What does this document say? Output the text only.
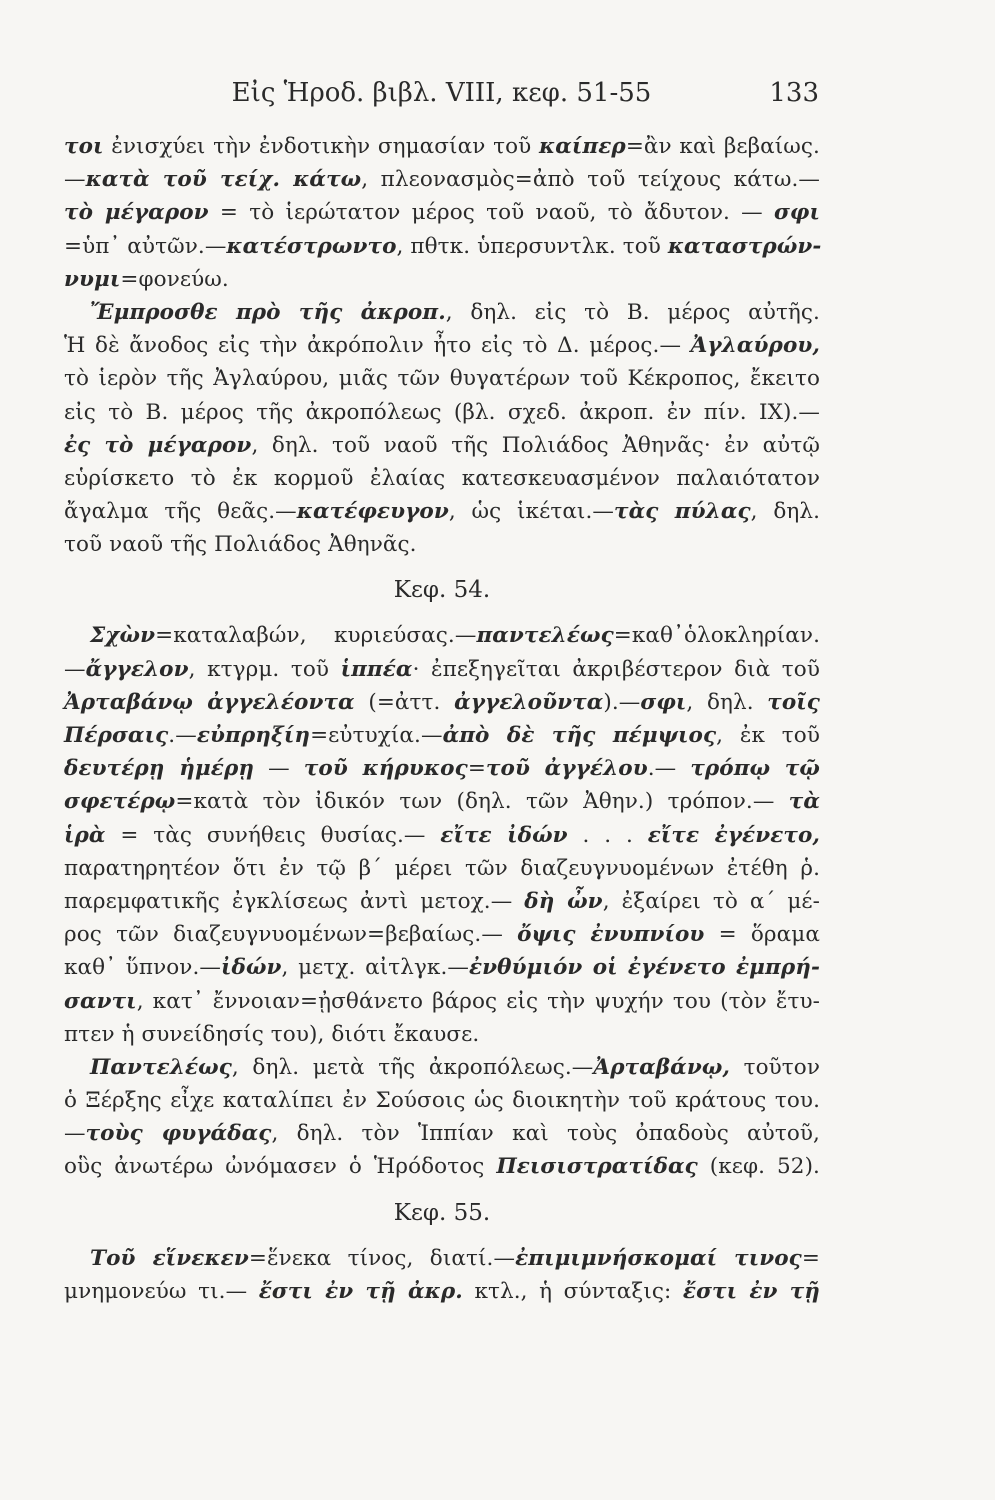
Εἰς Ἡροδ. βιβλ. VIII, κεφ. 51-55	133
τοι ἐνισχύει τὴν ἐνδοτικὴν σημασίαν τοῦ καίπερ=ἂν καὶ βεβαίως.
—κατὰ τοῦ τείχ. κάτω, πλεονασμὸς=ἀπὸ τοῦ τείχους κάτω.—
τὸ μέγαρον = τὸ ἱερώτατον μέρος τοῦ ναοῦ, τὸ ἄδυτον. — σφι
=ὑπ᾽ αὐτῶν.—κατέστρωντο, πθτκ. ὑπερσυντλκ. τοῦ καταστρών-
νυμι=φονεύω.
Ἔμπροσθε πρὸ τῆς ἀκροπ., δηλ. εἰς τὸ Β. μέρος αὐτῆς.
Ἡ δὲ ἄνοδος εἰς τὴν ἀκρόπολιν ἦτο εἰς τὸ Δ. μέρος.— Ἀγλαύρου,
τὸ ἱερὸν τῆς Ἀγλαύρου, μιᾶς τῶν θυγατέρων τοῦ Κέκροπος, ἔκειτο
εἰς τὸ Β. μέρος τῆς ἀκροπόλεως (βλ. σχεδ. ἀκροπ. ἐν πίν. IX).—
ἐς τὸ μέγαρον, δηλ. τοῦ ναοῦ τῆς Πολιάδος Ἀθηνᾶς· ἐν αὐτῷ
εὑρίσκετο τὸ ἐκ κορμοῦ ἐλαίας κατεσκευασμένον παλαιότατον
ἄγαλμα τῆς θεᾶς.—κατέφευγον, ὡς ἱκέται.—τὰς πύλας, δηλ.
τοῦ ναοῦ τῆς Πολιάδος Ἀθηνᾶς.
Κεφ. 54.
Σχὼν=καταλαβών, κυριεύσας.—παντελέως=καθ᾽ὁλοκληρίαν.
—ἄγγελον, κτγρμ. τοῦ ἱππέα· ἐπεξηγεῖται ἀκριβέστερον διὰ τοῦ
Ἀρταβάνῳ ἀγγελέοντα (=ἀττ. ἀγγελοῦντα).—σφι, δηλ. τοῖς
Πέρσαις.—εὐπρηξίη=εὐτυχία.—ἀπὸ δὲ τῆς πέμψιος, ἐκ τοῦ
δευτέρῃ ἡμέρῃ — τοῦ κήρυκος=τοῦ ἀγγέλου.— τρόπῳ τῷ
σφετέρῳ=κατὰ τὸν ἰδικόν των (δηλ. τῶν Ἀθην.) τρόπον.— τὰ
ἱρὰ = τὰς συνήθεις θυσίας.— εἴτε ἰδών . . . εἴτε ἐγένετο,
παρατηρητέον ὅτι ἐν τῷ β´ μέρει τῶν διαζευγνυομένων ἐτέθη ῥ.
παρεμφατικῆς ἐγκλίσεως ἀντὶ μετοχ.— δὴ ὦν, ἐξαίρει τὸ α´ μέ-
ρος τῶν διαζευγνυομένων=βεβαίως.— ὄψις ἐνυπνίου = ὅραμα
καθ᾽ ὕπνον.—ἰδών, μετχ. αἰτλγκ.—ἐνθύμιόν οἱ ἐγένετο ἐμπρή-
σαντι, κατ᾽ ἔννοιαν=ᾐσθάνετο βάρος εἰς τὴν ψυχήν του (τὸν ἔτυ-
πτεν ἡ συνείδησίς του), διότι ἔκαυσε.
Παντελέως, δηλ. μετὰ τῆς ἀκροπόλεως.—Ἀρταβάνῳ, τοῦτον
ὁ Ξέρξης εἶχε καταλίπει ἐν Σούσοις ὡς διοικητὴν τοῦ κράτους του.
—τοὺς φυγάδας, δηλ. τὸν Ἱππίαν καὶ τοὺς ὀπαδοὺς αὐτοῦ,
οὓς ἀνωτέρω ὠνόμασεν ὁ Ἡρόδοτος Πεισιστρατίδας (κεφ. 52).
Κεφ. 55.
Τοῦ εἵνεκεν=ἕνεκα τίνος, διατί.—ἐπιμιμνήσκομαί τινος=
μνημονεύω τι.— ἔστι ἐν τῇ ἀκρ. κτλ., ἡ σύνταξις: ἔστι ἐν τῇ
